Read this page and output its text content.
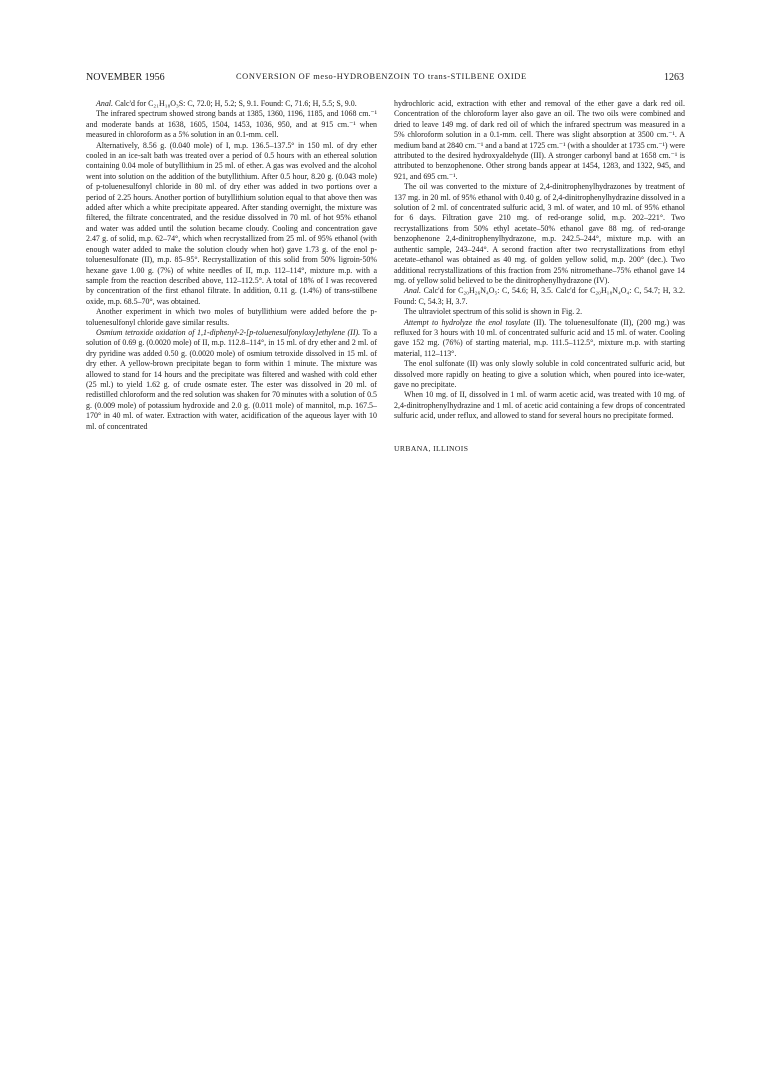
NOVEMBER 1956	CONVERSION OF meso-HYDROBENZOIN TO trans-STILBENE OXIDE	1263

Anal. Calc'd for C₂₁H₁₈O₃S: C, 72.0; H, 5.2; S, 9.1. Found: C, 71.6; H, 5.5; S, 9.0.

The infrared spectrum showed strong bands at 1385, 1360, 1196, 1185, and 1068 cm.⁻¹ and moderate bands at 1638, 1605, 1504, 1453, 1036, 950, and at 915 cm.⁻¹ when measured in chloroform as a 5% solution in an 0.1-mm. cell.

Alternatively, 8.56 g. (0.040 mole) of I, m.p. 136.5–137.5° in 150 ml. of dry ether cooled in an ice-salt bath was treated over a period of 0.5 hours with an ethereal solution containing 0.04 mole of butyllithium in 25 ml. of ether. A gas was evolved and the alcohol went into solution on the addition of the butyllithium. After 0.5 hour, 8.20 g. (0.043 mole) of p-toluenesulfonyl chloride in 80 ml. of dry ether was added in two portions over a period of 2.25 hours. Another portion of butyllithium solution equal to that above then was added after which a white precipitate appeared. After standing overnight, the mixture was filtered, the filtrate concentrated, and the residue dissolved in 70 ml. of hot 95% ethanol and water was added until the solution became cloudy. Cooling and concentration gave 2.47 g. of solid, m.p. 62–74°, which when recrystallized from 25 ml. of 95% ethanol (with enough water added to make the solution cloudy when hot) gave 1.73 g. of the enol p-toluenesulfonate (II), m.p. 85–95°. Recrystallization of this solid from 50% ligroin-50% hexane gave 1.00 g. (7%) of white needles of II, m.p. 112–114°, mixture m.p. with a sample from the reaction described above, 112–112.5°. A total of 18% of I was recovered by concentration of the first ethanol filtrate. In addition, 0.11 g. (1.4%) of trans-stilbene oxide, m.p. 68.5–70°, was obtained.

Another experiment in which two moles of butyllithium were added before the p-toluenesulfonyl chloride gave similar results.

Osmium tetroxide oxidation of 1,1-diphenyl-2-[p-toluenesulfonyloxy]ethylene (II). To a solution of 0.69 g. (0.0020 mole) of II, m.p. 112.8–114°, in 15 ml. of dry ether and 2 ml. of dry pyridine was added 0.50 g. (0.0020 mole) of osmium tetroxide dissolved in 15 ml. of dry ether. A yellow-brown precipitate began to form within 1 minute. The mixture was allowed to stand for 14 hours and the precipitate was filtered and washed with cold ether (25 ml.) to yield 1.62 g. of crude osmate ester. The ester was dissolved in 20 ml. of redistilled chloroform and the red solution was shaken for 70 minutes with a solution of 0.5 g. (0.009 mole) of potassium hydroxide and 2.0 g. (0.011 mole) of mannitol, m.p. 167.5–170° in 40 ml. of water. Extraction with water, acidification of the aqueous layer with 10 ml. of concentrated

hydrochloric acid, extraction with ether and removal of the ether gave a dark red oil. Concentration of the chloroform layer also gave an oil. The two oils were combined and dried to leave 149 mg. of dark red oil of which the infrared spectrum was measured in a 5% chloroform solution in a 0.1-mm. cell. There was slight absorption at 3500 cm.⁻¹. A medium band at 2840 cm.⁻¹ and a band at 1725 cm.⁻¹ (with a shoulder at 1735 cm.⁻¹) were attributed to the desired hydroxyaldehyde (III). A stronger carbonyl band at 1658 cm.⁻¹ is attributed to benzophenone. Other strong bands appear at 1454, 1283, and 1322, 945, and 921, and 695 cm.⁻¹.

The oil was converted to the mixture of 2,4-dinitrophenylhydrazones by treatment of 137 mg. in 20 ml. of 95% ethanol with 0.40 g. of 2,4-dinitrophenylhydrazine dissolved in a solution of 2 ml. of concentrated sulfuric acid, 3 ml. of water, and 10 ml. of 95% ethanol for 6 days. Filtration gave 210 mg. of red-orange solid, m.p. 202–221°. Two recrystallizations from 50% ethyl acetate–50% ethanol gave 88 mg. of red-orange benzophenone 2,4-dinitrophenylhydrazone, m.p. 242.5–244°, mixture m.p. with an authentic sample, 243–244°. A second fraction after two recrystallizations from ethyl acetate–ethanol was obtained as 40 mg. of golden yellow solid, m.p. 200° (dec.). Two additional recrystallizations of this fraction from 25% nitromethane–75% ethanol gave 14 mg. of yellow solid believed to be the dinitrophenylhydrazone (IV).

Anal. Calc'd for C₂₀H₂₆N₄O₅: C, 54.6; H, 3.5. Calc'd for C₂₀H₁₈N₄O₄: C, 54.7; H, 3.2. Found: C, 54.3; H, 3.7.

The ultraviolet spectrum of this solid is shown in Fig. 2.

Attempt to hydrolyze the enol tosylate (II). The toluenesulfonate (II), (200 mg.) was refluxed for 3 hours with 10 ml. of concentrated sulfuric acid and 15 ml. of water. Cooling gave 152 mg. (76%) of starting material, m.p. 111.5–112.5°, mixture m.p. with starting material, 112–113°.

The enol sulfonate (II) was only slowly soluble in cold concentrated sulfuric acid, but dissolved more rapidly on heating to give a solution which, when poured into ice-water, gave no precipitate.

When 10 mg. of II, dissolved in 1 ml. of warm acetic acid, was treated with 10 mg. of 2,4-dinitrophenylhydrazine and 1 ml. of acetic acid containing a few drops of concentrated sulfuric acid, under reflux, and allowed to stand for several hours no precipitate formed.

URBANA, ILLINOIS
